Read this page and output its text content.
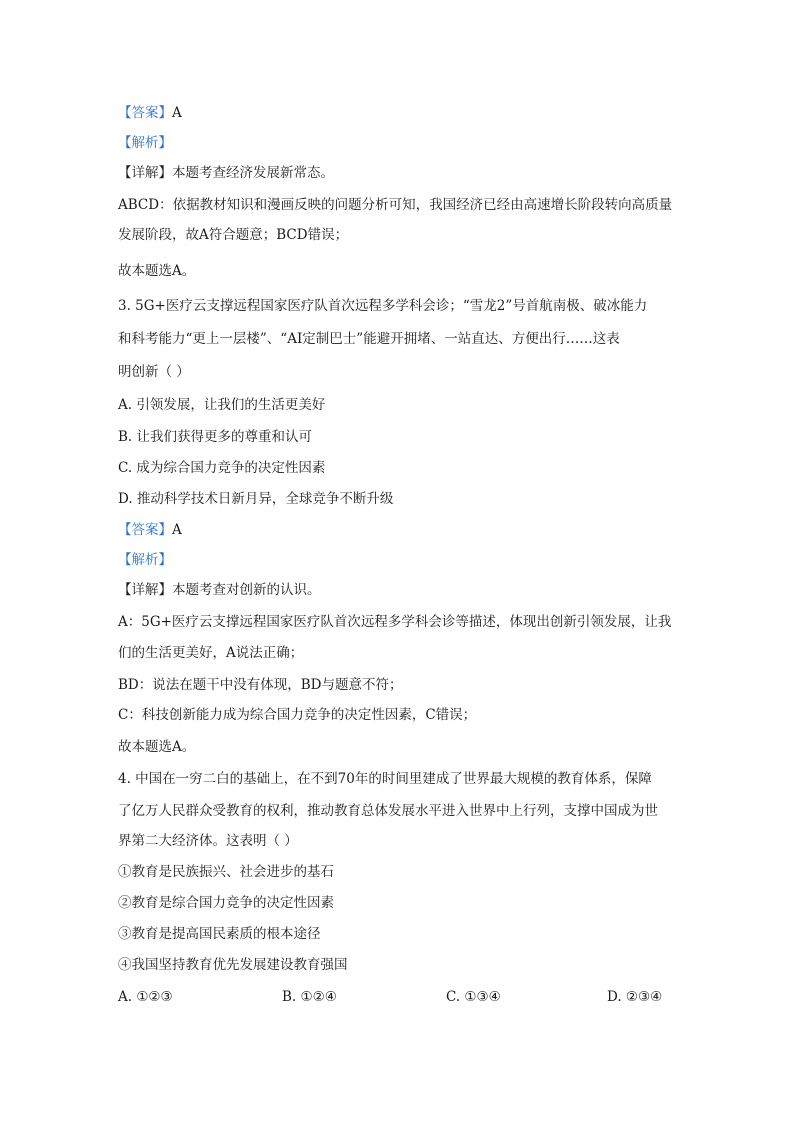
【答案】A
【解析】
【详解】本题考查经济发展新常态。
ABCD：依据教材知识和漫画反映的问题分析可知，我国经济已经由高速增长阶段转向高质量
发展阶段，故A符合题意；BCD错误；
故本题选A。
3. 5G+医疗云支撑远程国家医疗队首次远程多学科会诊；“雪龙2”号首航南极、破冰能力
和科考能力“更上一层楼”、“AI定制巴士”能避开拥堵、一站直达、方便出行……这表
明创新（ ）
A. 引领发展，让我们的生活更美好
B. 让我们获得更多的尊重和认可
C. 成为综合国力竞争的决定性因素
D. 推动科学技术日新月异，全球竞争不断升级
【答案】A
【解析】
【详解】本题考查对创新的认识。
A：5G+医疗云支撑远程国家医疗队首次远程多学科会诊等描述，体现出创新引领发展，让我
们的生活更美好，A说法正确；
BD：说法在题干中没有体现，BD与题意不符；
C：科技创新能力成为综合国力竞争的决定性因素，C错误；
故本题选A。
4. 中国在一穷二白的基础上，在不到70年的时间里建成了世界最大规模的教育体系，保障
了亿万人民群众受教育的权利，推动教育总体发展水平进入世界中上行列，支撑中国成为世
界第二大经济体。这表明（ ）
①教育是民族振兴、社会进步的基石
②教育是综合国力竞争的决定性因素
③教育是提高国民素质的根本途径
④我国坚持教育优先发展建设教育强国
A. ①②③	B. ①②④	C. ①③④	D. ②③④
